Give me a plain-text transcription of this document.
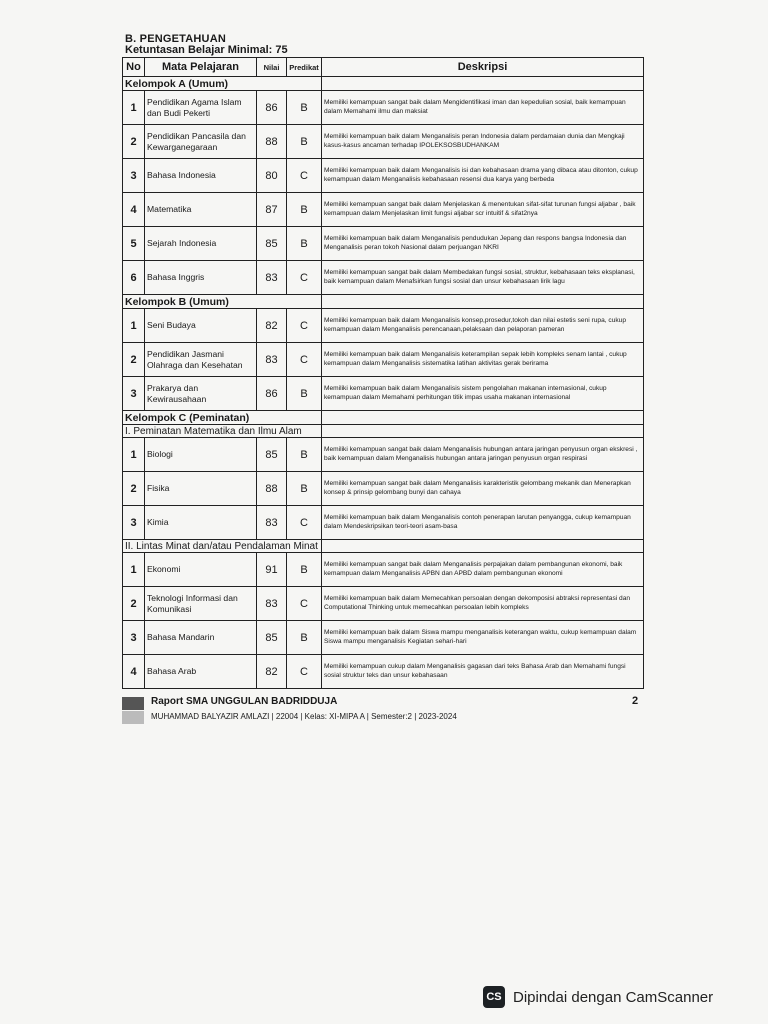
B. PENGETAHUAN
Ketuntasan Belajar Minimal: 75
No	Mata Pelajaran	Nilai	Predikat	Deskripsi
Kelompok A (Umum)				
1	Pendidikan Agama Islam dan Budi Pekerti	86	B	Memiliki kemampuan sangat baik dalam Mengidentifikasi iman dan kepedulian sosial, baik kemampuan dalam Memahami ilmu dan maksiat
2	Pendidikan Pancasila dan Kewarganegaraan	88	B	Memiliki kemampuan baik dalam Menganalisis peran Indonesia dalam perdamaian dunia dan Mengkaji kasus-kasus ancaman terhadap IPOLEKSOSBUDHANKAM
3	Bahasa Indonesia	80	C	Memiliki kemampuan baik dalam Menganalisis isi dan kebahasaan drama yang dibaca atau ditonton, cukup kemampuan dalam Menganalisis kebahasaan resensi dua karya yang berbeda
4	Matematika	87	B	Memiliki kemampuan sangat baik dalam Menjelaskan & menentukan sifat-sifat turunan fungsi aljabar , baik kemampuan dalam Menjelaskan limit fungsi aljabar scr intuitif & sifat2nya
5	Sejarah Indonesia	85	B	Memiliki kemampuan baik dalam Menganalisis pendudukan Jepang dan respons bangsa Indonesia dan Menganalisis peran tokoh Nasional dalam perjuangan NKRI
6	Bahasa Inggris	83	C	Memiliki kemampuan sangat baik dalam Membedakan fungsi sosial, struktur, kebahasaan teks eksplanasi, baik kemampuan dalam Menafsirkan fungsi sosial dan unsur kebahasaan lirik lagu
Kelompok B (Umum)				
1	Seni Budaya	82	C	Memiliki kemampuan baik dalam Menganalisis konsep,prosedur,tokoh dan nilai estetis seni rupa, cukup kemampuan dalam Menganalisis perencanaan,pelaksaan dan pelaporan pameran
2	Pendidikan Jasmani Olahraga dan Kesehatan	83	C	Memiliki kemampuan baik dalam Menganalisis keterampilan sepak lebih kompleks senam lantai , cukup kemampuan dalam Menganalisis sistematika latihan aktivitas gerak berirama
3	Prakarya dan Kewirausahaan	86	B	Memiliki kemampuan baik dalam Menganalisis sistem pengolahan makanan internasional, cukup kemampuan dalam Memahami perhitungan titik impas usaha makanan internasional
Kelompok C (Peminatan)				
I. Peminatan Matematika dan Ilmu Alam				
1	Biologi	85	B	Memiliki kemampuan sangat baik dalam Menganalisis hubungan antara jaringan penyusun organ ekskresi , baik kemampuan dalam Menganalisis hubungan antara jaringan penyusun organ respirasi
2	Fisika	88	B	Memiliki kemampuan sangat baik dalam Menganalisis karakteristik gelombang mekanik dan Menerapkan konsep & prinsip gelombang bunyi dan cahaya
3	Kimia	83	C	Memiliki kemampuan baik dalam Menganalisis contoh penerapan larutan penyangga, cukup kemampuan dalam Mendeskripsikan teori-teori asam-basa
II. Lintas Minat dan/atau Pendalaman Minat				
1	Ekonomi	91	B	Memiliki kemampuan sangat baik dalam Menganalisis perpajakan dalam pembangunan ekonomi, baik kemampuan dalam Menganalisis APBN dan APBD dalam pembangunan ekonomi
2	Teknologi Informasi dan Komunikasi	83	C	Memiliki kemampuan baik dalam Memecahkan persoalan dengan dekomposisi abtraksi representasi dan Computational Thinking untuk memecahkan persoalan lebih kompleks
3	Bahasa Mandarin	85	B	Memiliki kemampuan baik dalam Siswa mampu menganalisis keterangan waktu, cukup kemampuan dalam Siswa mampu menganalisis Kegiatan sehari-hari
4	Bahasa Arab	82	C	Memiliki kemampuan cukup dalam Menganalisis gagasan dari teks Bahasa Arab dan Memahami fungsi sosial struktur teks dan unsur kebahasaan
Raport SMA UNGGULAN BADRIDDUJA
MUHAMMAD BALYAZIR AMLAZI | 22004 | Kelas: XI-MIPA A | Semester:2 | 2023-2024
2
CS Dipindai dengan CamScanner
